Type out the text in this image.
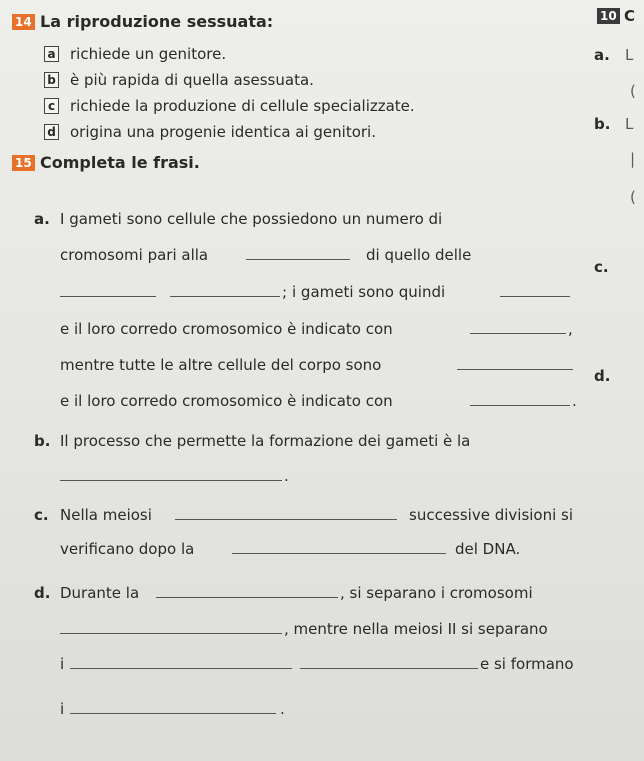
14 La riproduzione sessuata:
a richiede un genitore.
b è più rapida di quella asessuata.
c richiede la produzione di cellule specializzate.
d origina una progenie identica ai genitori.
15 Completa le frasi.
a. I gameti sono cellule che possiedono un numero di
cromosomi pari alla	di quello delle
; i gameti sono quindi
e il loro corredo cromosomico è indicato con	,
mentre tutte le altre cellule del corpo sono
e il loro corredo cromosomico è indicato con	.
b. Il processo che permette la formazione dei gameti è la
.
c. Nella meiosi	successive divisioni si
verificano dopo la	del DNA.
d. Durante la	, si separano i cromosomi
, mentre nella meiosi II si separano
i	e si formano
i	.
10 C
a. L
(
b. L
|
(
c.
d.
